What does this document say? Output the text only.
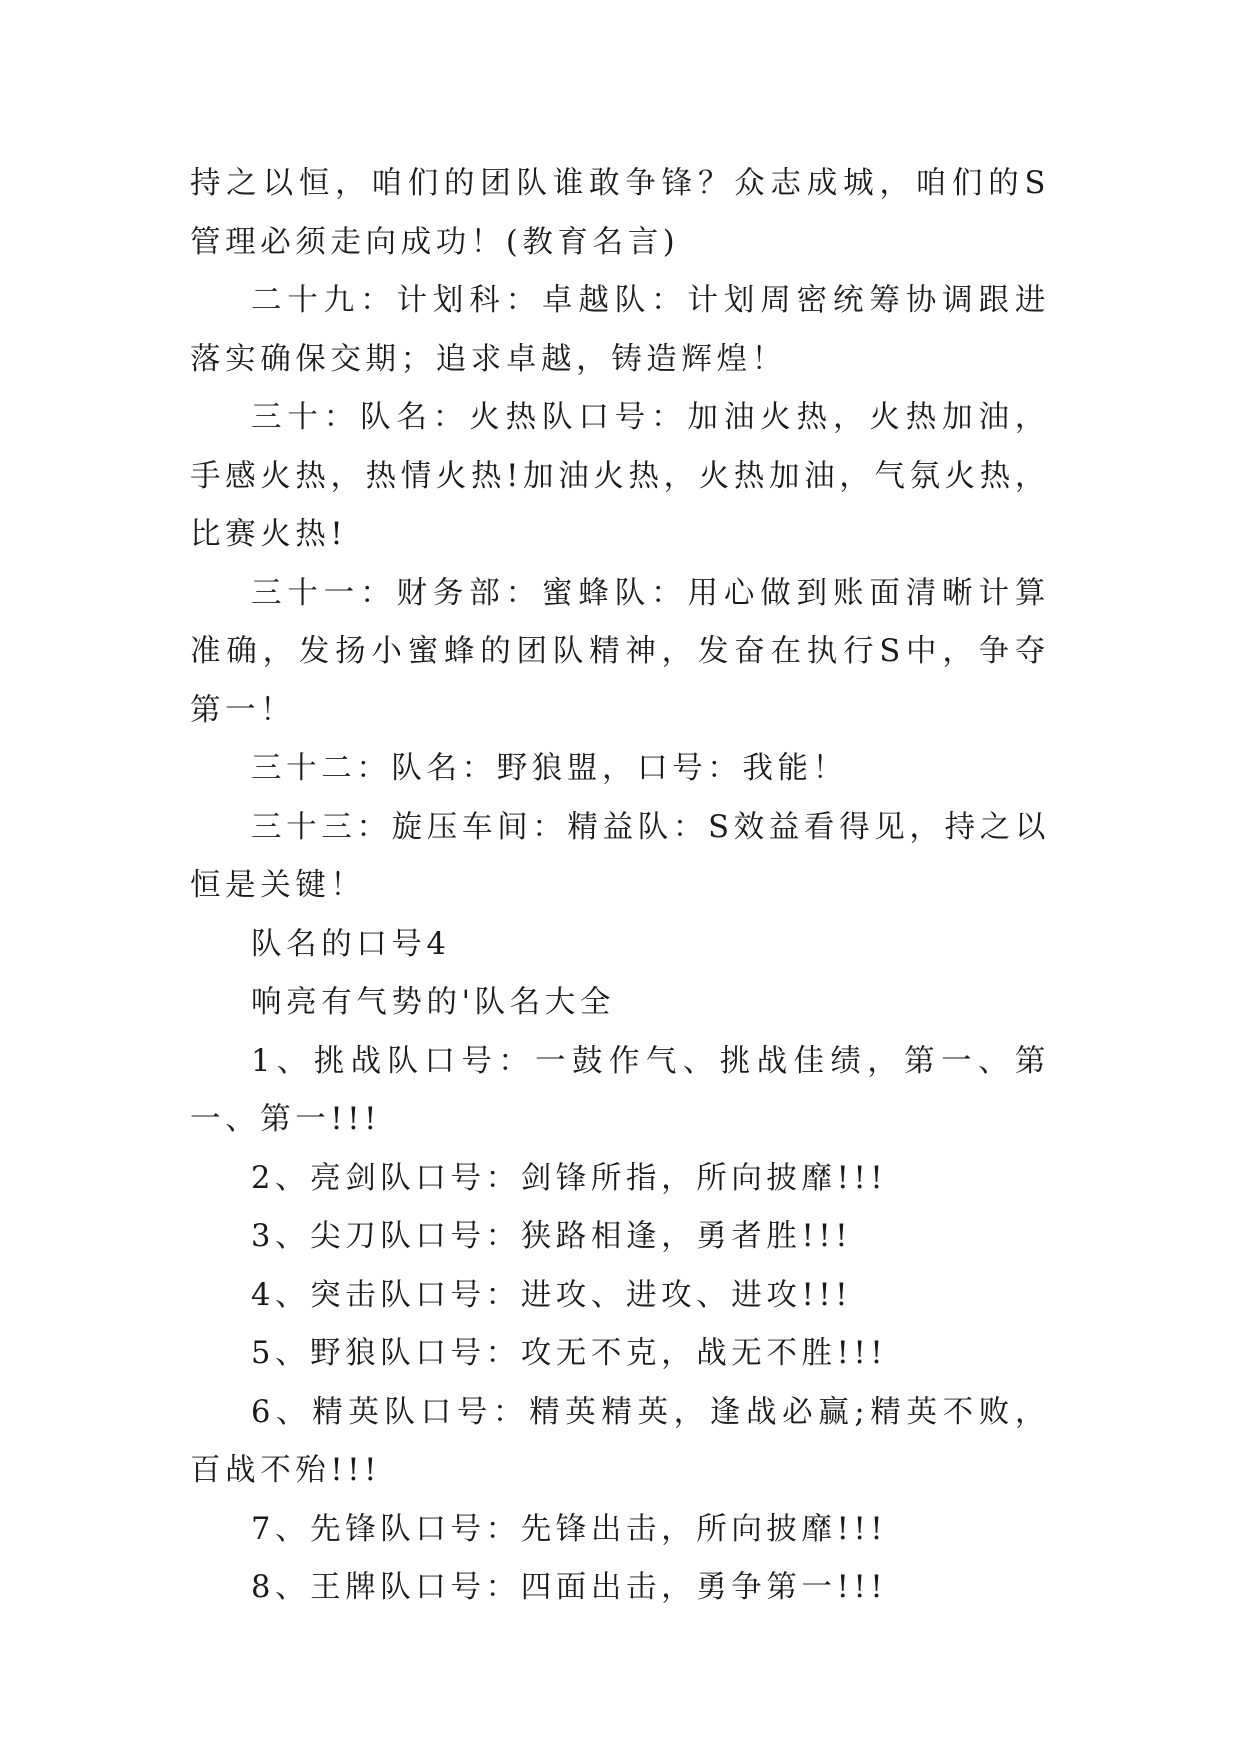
持之以恒，咱们的团队谁敢争锋？众志成城，咱们的S管理必须走向成功！(教育名言)

二十九：计划科：卓越队：计划周密统筹协调跟进落实确保交期；追求卓越，铸造辉煌！

三十：队名：火热队口号：加油火热，火热加油，手感火热，热情火热!加油火热，火热加油，气氛火热，比赛火热!

三十一：财务部：蜜蜂队：用心做到账面清晰计算准确，发扬小蜜蜂的团队精神，发奋在执行S中，争夺第一！

三十二：队名：野狼盟，口号：我能！

三十三：旋压车间：精益队：S效益看得见，持之以恒是关键！

队名的口号4

响亮有气势的'队名大全

1、挑战队口号：一鼓作气、挑战佳绩，第一、第一、第一!!!

2、亮剑队口号：剑锋所指，所向披靡!!!

3、尖刀队口号：狭路相逢，勇者胜!!!

4、突击队口号：进攻、进攻、进攻!!!

5、野狼队口号：攻无不克，战无不胜!!!

6、精英队口号：精英精英，逢战必赢;精英不败，百战不殆!!!

7、先锋队口号：先锋出击，所向披靡!!!

8、王牌队口号：四面出击，勇争第一!!!
